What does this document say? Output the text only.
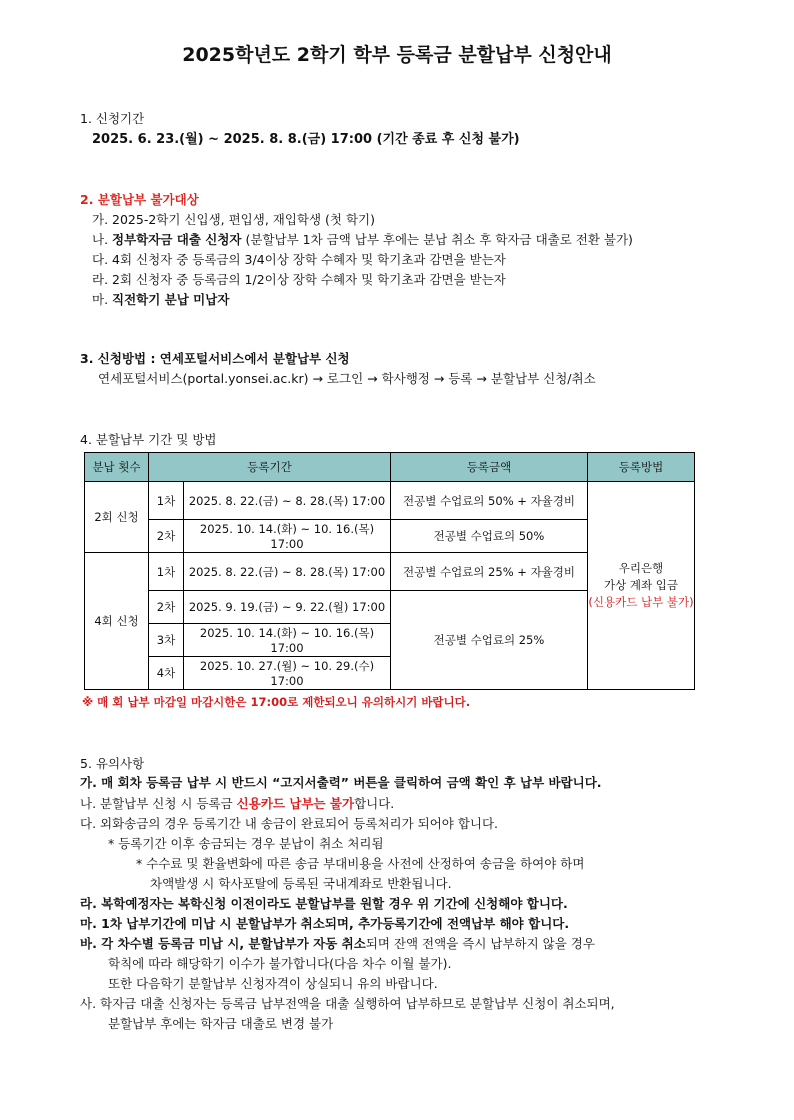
2025학년도 2학기 학부 등록금 분할납부 신청안내
1. 신청기간
2025. 6. 23.(월) ~ 2025. 8. 8.(금) 17:00 (기간 종료 후 신청 불가)
2. 분할납부 불가대상
가. 2025-2학기 신입생, 편입생, 재입학생 (첫 학기)
나. 정부학자금 대출 신청자 (분할납부 1차 금액 납부 후에는 분납 취소 후 학자금 대출로 전환 불가)
다. 4회 신청자 중 등록금의 3/4이상 장학 수혜자 및 학기초과 감면을 받는자
라. 2회 신청자 중 등록금의 1/2이상 장학 수혜자 및 학기초과 감면을 받는자
마. 직전학기 분납 미납자
3. 신청방법 : 연세포털서비스에서 분할납부 신청
연세포털서비스(portal.yonsei.ac.kr) → 로그인 → 학사행정 → 등록 → 분할납부 신청/취소
4. 분할납부 기간 및 방법
분납 횟수	등록기간		등록금액	등록방법
2회 신청	1차	2025. 8. 22.(금) ~ 8. 28.(목) 17:00	전공별 수업료의 50% + 자율경비	우리은행
가상 계좌 입금
(신용카드 납부 불가)

	2차	2025. 10. 14.(화) ~ 10. 16.(목) 17:00	전공별 수업료의 50%	
4회 신청	1차	2025. 8. 22.(금) ~ 8. 28.(목) 17:00	전공별 수업료의 25% + 자율경비	
	2차	2025. 9. 19.(금) ~ 9. 22.(월) 17:00	전공별 수업료의 25%	
	3차	2025. 10. 14.(화) ~ 10. 16.(목) 17:00		
	4차	2025. 10. 27.(월) ~ 10. 29.(수) 17:00		
※ 매 회 납부 마감일 마감시한은 17:00로 제한되오니 유의하시기 바랍니다.
5. 유의사항
가. 매 회차 등록금 납부 시 반드시 “고지서출력” 버튼을 클릭하여 금액 확인 후 납부 바랍니다.
나. 분할납부 신청 시 등록금 신용카드 납부는 불가합니다.
다. 외화송금의 경우 등록기간 내 송금이 완료되어 등록처리가 되어야 합니다.
* 등록기간 이후 송금되는 경우 분납이 취소 처리됨
* 수수료 및 환율변화에 따른 송금 부대비용을 사전에 산정하여 송금을 하여야 하며
차액발생 시 학사포탈에 등록된 국내계좌로 반환됩니다.
라. 복학예정자는 복학신청 이전이라도 분할납부를 원할 경우 위 기간에 신청해야 합니다.
마. 1차 납부기간에 미납 시 분할납부가 취소되며, 추가등록기간에 전액납부 해야 합니다.
바. 각 차수별 등록금 미납 시, 분할납부가 자동 취소되며 잔액 전액을 즉시 납부하지 않을 경우
학칙에 따라 해당학기 이수가 불가합니다(다음 차수 이월 불가).
또한 다음학기 분할납부 신청자격이 상실되니 유의 바랍니다.
사. 학자금 대출 신청자는 등록금 납부전액을 대출 실행하여 납부하므로 분할납부 신청이 취소되며,
분할납부 후에는 학자금 대출로 변경 불가
